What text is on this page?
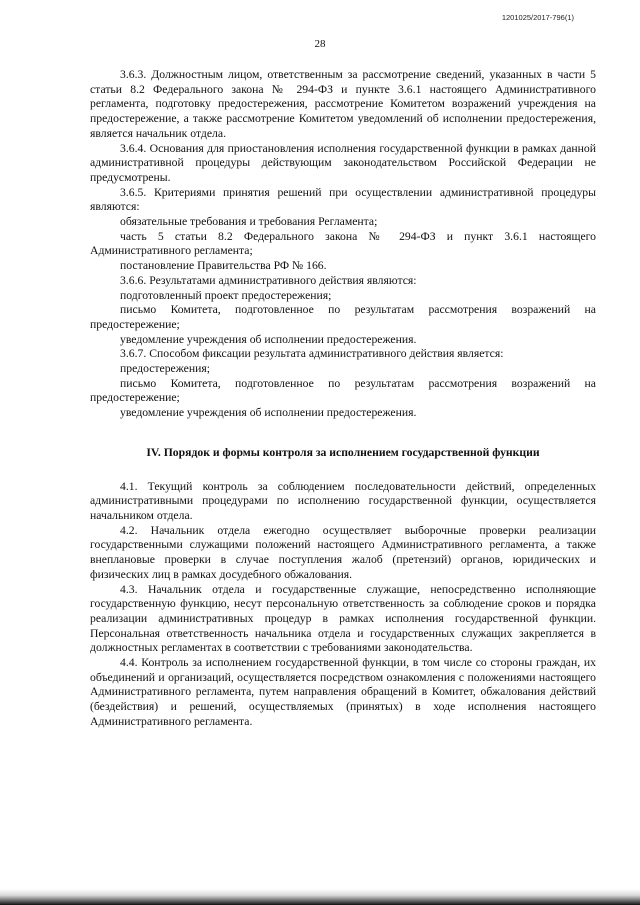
1201025/2017-796(1)
28

3.6.3. Должностным лицом, ответственным за рассмотрение сведений, указанных в части 5 статьи 8.2 Федерального закона № 294-ФЗ и пункте 3.6.1 настоящего Административного регламента, подготовку предостережения, рассмотрение Комитетом возражений учреждения на предостережение, а также рассмотрение Комитетом уведомлений об исполнении предостережения, является начальник отдела.

3.6.4. Основания для приостановления исполнения государственной функции в рамках данной административной процедуры действующим законодательством Российской Федерации не предусмотрены.

3.6.5. Критериями принятия решений при осуществлении административной процедуры являются:

обязательные требования и требования Регламента;

часть 5 статьи 8.2 Федерального закона № 294-ФЗ и пункт 3.6.1 настоящего Административного регламента;

постановление Правительства РФ № 166.

3.6.6. Результатами административного действия являются:

подготовленный проект предостережения;

письмо Комитета, подготовленное по результатам рассмотрения возражений на предостережение;

уведомление учреждения об исполнении предостережения.

3.6.7. Способом фиксации результата административного действия является:

предостережения;

письмо Комитета, подготовленное по результатам рассмотрения возражений на предостережение;

уведомление учреждения об исполнении предостережения.

IV. Порядок и формы контроля за исполнением государственной функции

4.1. Текущий контроль за соблюдением последовательности действий, определенных административными процедурами по исполнению государственной функции, осуществляется начальником отдела.

4.2. Начальник отдела ежегодно осуществляет выборочные проверки реализации государственными служащими положений настоящего Административного регламента, а также внеплановые проверки в случае поступления жалоб (претензий) органов, юридических и физических лиц в рамках досудебного обжалования.

4.3. Начальник отдела и государственные служащие, непосредственно исполняющие государственную функцию, несут персональную ответственность за соблюдение сроков и порядка реализации административных процедур в рамках исполнения государственной функции. Персональная ответственность начальника отдела и государственных служащих закрепляется в должностных регламентах в соответствии с требованиями законодательства.

4.4. Контроль за исполнением государственной функции, в том числе со стороны граждан, их объединений и организаций, осуществляется посредством ознакомления с положениями настоящего Административного регламента, путем направления обращений в Комитет, обжалования действий (бездействия) и решений, осуществляемых (принятых) в ходе исполнения настоящего Административного регламента.
